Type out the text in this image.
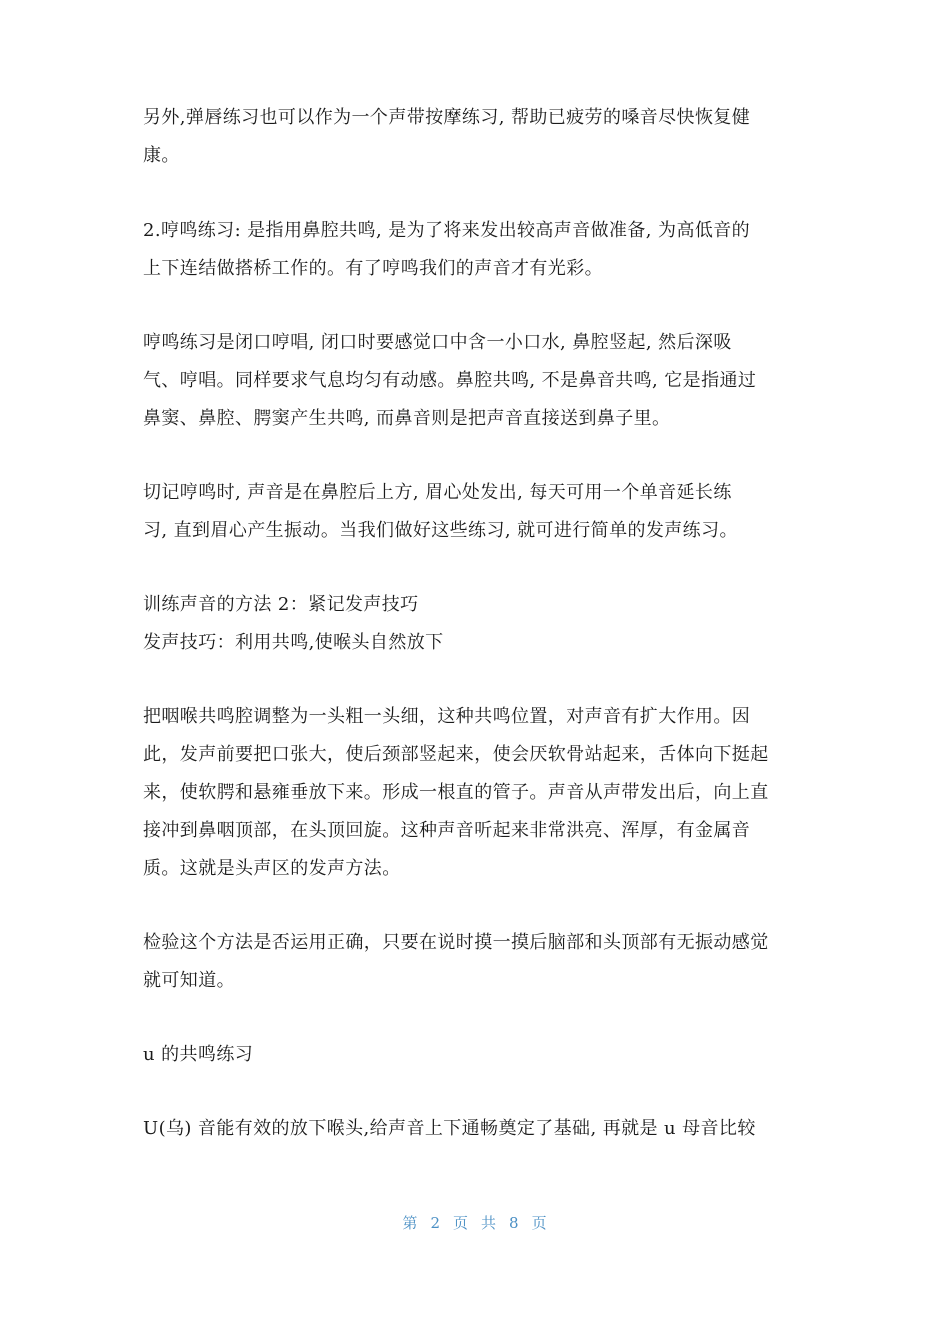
另外,弹唇练习也可以作为一个声带按摩练习, 帮助已疲劳的嗓音尽快恢复健
康。
2.哼鸣练习: 是指用鼻腔共鸣, 是为了将来发出较高声音做准备, 为高低音的
上下连结做搭桥工作的。有了哼鸣我们的声音才有光彩。
哼鸣练习是闭口哼唱, 闭口时要感觉口中含一小口水, 鼻腔竖起, 然后深吸
气、哼唱。同样要求气息均匀有动感。鼻腔共鸣, 不是鼻音共鸣, 它是指通过
鼻窦、鼻腔、腭窦产生共鸣, 而鼻音则是把声音直接送到鼻子里。
切记哼鸣时, 声音是在鼻腔后上方, 眉心处发出, 每天可用一个单音延长练
习, 直到眉心产生振动。当我们做好这些练习, 就可进行简单的发声练习。
训练声音的方法 2：紧记发声技巧
发声技巧：利用共鸣,使喉头自然放下
把咽喉共鸣腔调整为一头粗一头细，这种共鸣位置，对声音有扩大作用。因
此，发声前要把口张大，使后颈部竖起来，使会厌软骨站起来，舌体向下挺起
来，使软腭和悬雍垂放下来。形成一根直的管子。声音从声带发出后，向上直
接冲到鼻咽顶部，在头顶回旋。这种声音听起来非常洪亮、浑厚，有金属音
质。这就是头声区的发声方法。
检验这个方法是否运用正确，只要在说时摸一摸后脑部和头顶部有无振动感觉
就可知道。
u 的共鸣练习
U(乌) 音能有效的放下喉头,给声音上下通畅奠定了基础, 再就是 u 母音比较
第 2 页 共 8 页
